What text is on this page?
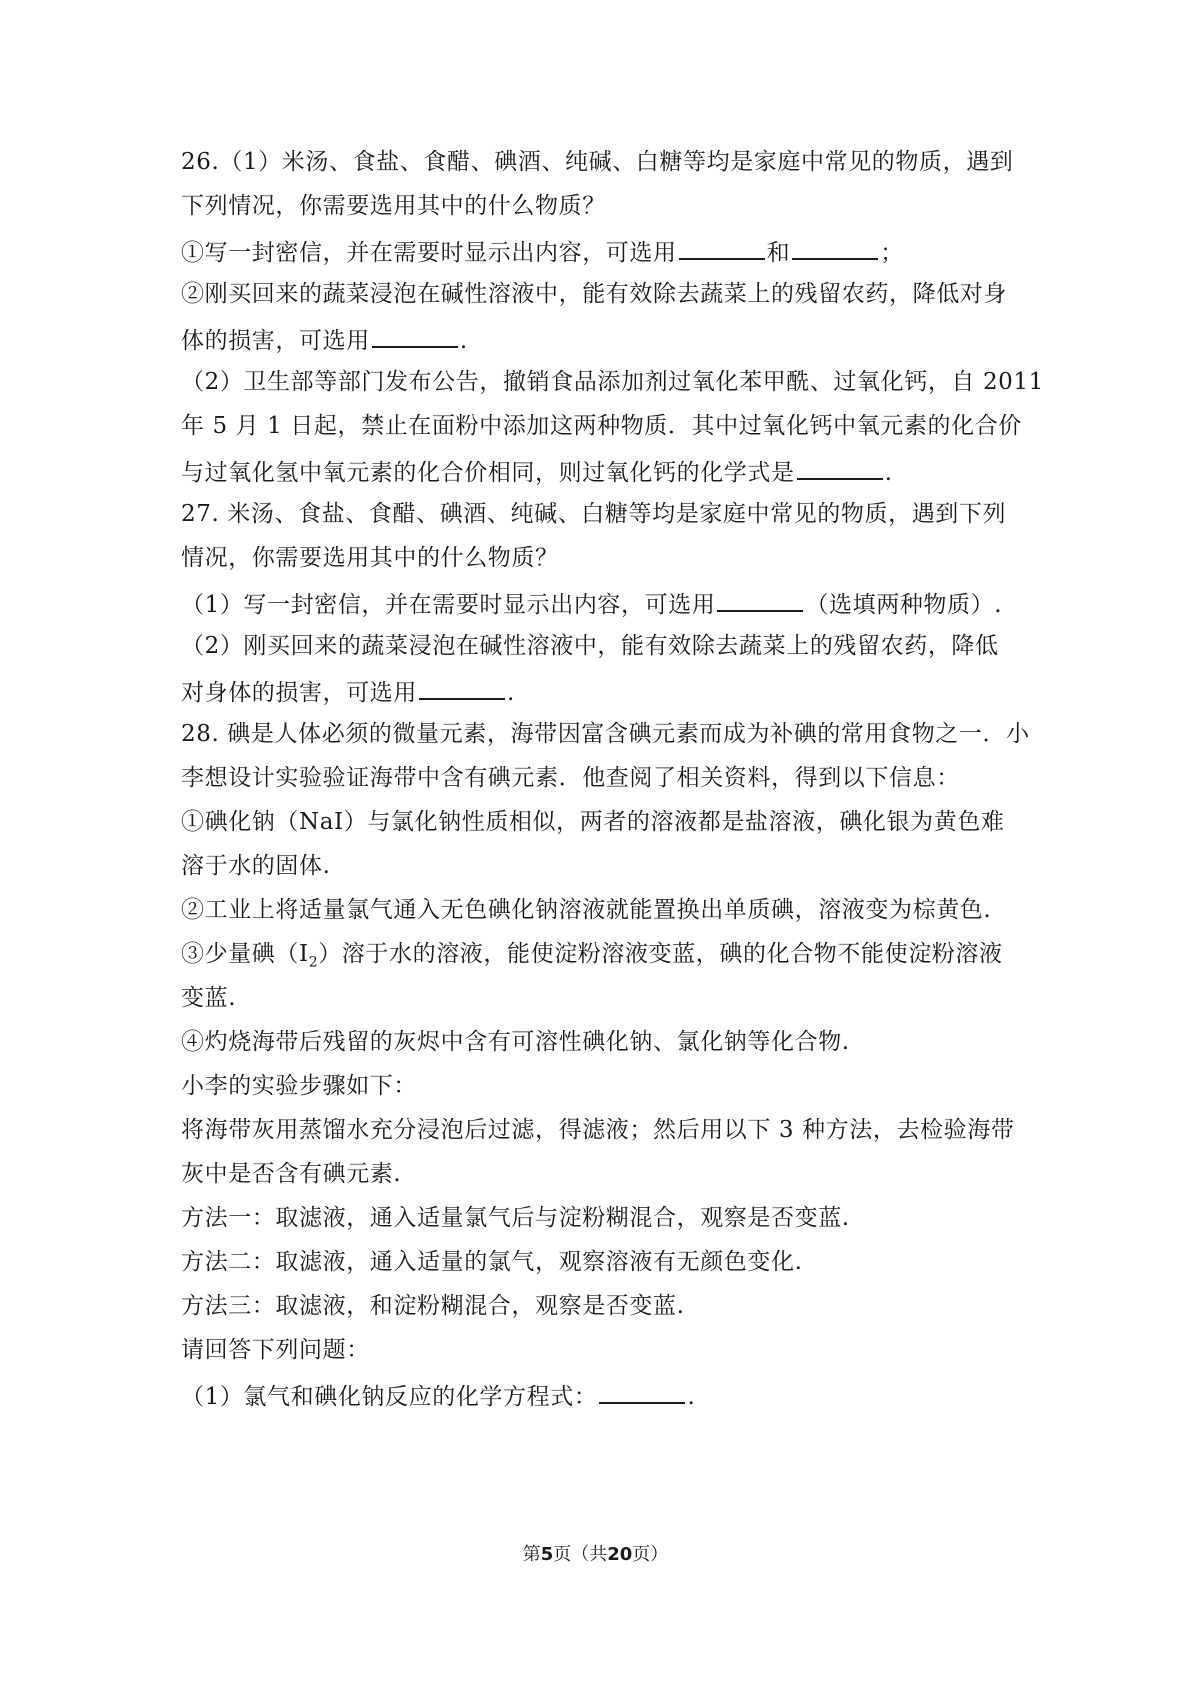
26.（1）米汤、食盐、食醋、碘酒、纯碱、白糖等均是家庭中常见的物质，遇到
下列情况，你需要选用其中的什么物质？
①写一封密信，并在需要时显示出内容，可选用	和	；
②刚买回来的蔬菜浸泡在碱性溶液中，能有效除去蔬菜上的残留农药，降低对身
体的损害，可选用	.
（2）卫生部等部门发布公告，撤销食品添加剂过氧化苯甲酰、过氧化钙，自 2011
年 5 月 1 日起，禁止在面粉中添加这两种物质．其中过氧化钙中氧元素的化合价
与过氧化氢中氧元素的化合价相同，则过氧化钙的化学式是	.
27. 米汤、食盐、食醋、碘酒、纯碱、白糖等均是家庭中常见的物质，遇到下列
情况，你需要选用其中的什么物质？
（1）写一封密信，并在需要时显示出内容，可选用	（选填两种物质）.
（2）刚买回来的蔬菜浸泡在碱性溶液中，能有效除去蔬菜上的残留农药，降低
对身体的损害，可选用	.
28. 碘是人体必须的微量元素，海带因富含碘元素而成为补碘的常用食物之一．小
李想设计实验验证海带中含有碘元素．他查阅了相关资料，得到以下信息：
①碘化钠（NaI）与氯化钠性质相似，两者的溶液都是盐溶液，碘化银为黄色难
溶于水的固体.
②工业上将适量氯气通入无色碘化钠溶液就能置换出单质碘，溶液变为棕黄色.
③少量碘$(I_2)$溶于水的溶液，能使淀粉溶液变蓝，碘的化合物不能使淀粉溶液
变蓝.
④灼烧海带后残留的灰烬中含有可溶性碘化钠、氯化钠等化合物.
小李的实验步骤如下：
将海带灰用蒸馏水充分浸泡后过滤，得滤液；然后用以下 3 种方法，去检验海带
灰中是否含有碘元素.
方法一：取滤液，通入适量氯气后与淀粉糊混合，观察是否变蓝.
方法二：取滤液，通入适量的氯气，观察溶液有无颜色变化.
方法三：取滤液，和淀粉糊混合，观察是否变蓝.
请回答下列问题：
（1）氯气和碘化钠反应的化学方程式：	.
第5页（共20页）
